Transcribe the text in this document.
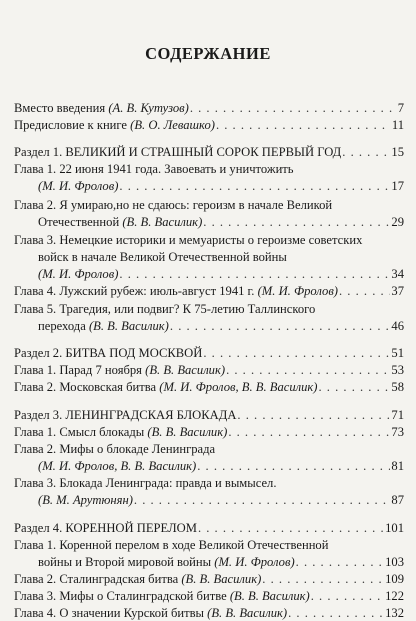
СОДЕРЖАНИЕ
Вместо введения (А. В. Кутузов) . . .	7
Предисловие к книге (В. О. Левашко) . . .	11
Раздел 1. ВЕЛИКИЙ И СТРАШНЫЙ СОРОК ПЕРВЫЙ ГОД . . .	15
Глава 1. 22 июня 1941 года. Завоевать и уничтожить
(М. И. Фролов) . . .	17
Глава 2. Я умираю,но не сдаюсь: героизм в начале Великой
Отечественной (В. В. Василик) . . .	29
Глава 3. Немецкие историки и мемуаристы о героизме советских
войск в начале Великой Отечественной войны
(М. И. Фролов) . . .	34
Глава 4. Лужский рубеж: июль-август 1941 г. (М. И. Фролов) . . .	37
Глава 5. Трагедия, или подвиг? К 75-летию Таллинского
перехода (В. В. Василик) . . .	46
Раздел 2. БИТВА ПОД МОСКВОЙ . . .	51
Глава 1. Парад 7 ноября (В. В. Василик) . . .	53
Глава 2. Московская битва (М. И. Фролов, В. В. Василик) . . .	58
Раздел 3. ЛЕНИНГРАДСКАЯ БЛОКАДА . . .	71
Глава 1. Смысл блокады (В. В. Василик) . . .	73
Глава 2. Мифы о блокаде Ленинграда
(М. И. Фролов, В. В. Василик) . . .	81
Глава 3. Блокада Ленинграда: правда и вымысел.
(В. М. Арутюнян) . . .	87
Раздел 4. КОРЕННОЙ ПЕРЕЛОМ . . .	101
Глава 1. Коренной перелом в ходе Великой Отечественной
войны и Второй мировой войны (М. И. Фролов) . . .	103
Глава 2. Сталинградская битва (В. В. Василик) . . .	109
Глава 3. Мифы о Сталинградской битве (В. В. Василик) . . .	122
Глава 4. О значении Курской битвы (В. В. Василик) . . .	132
